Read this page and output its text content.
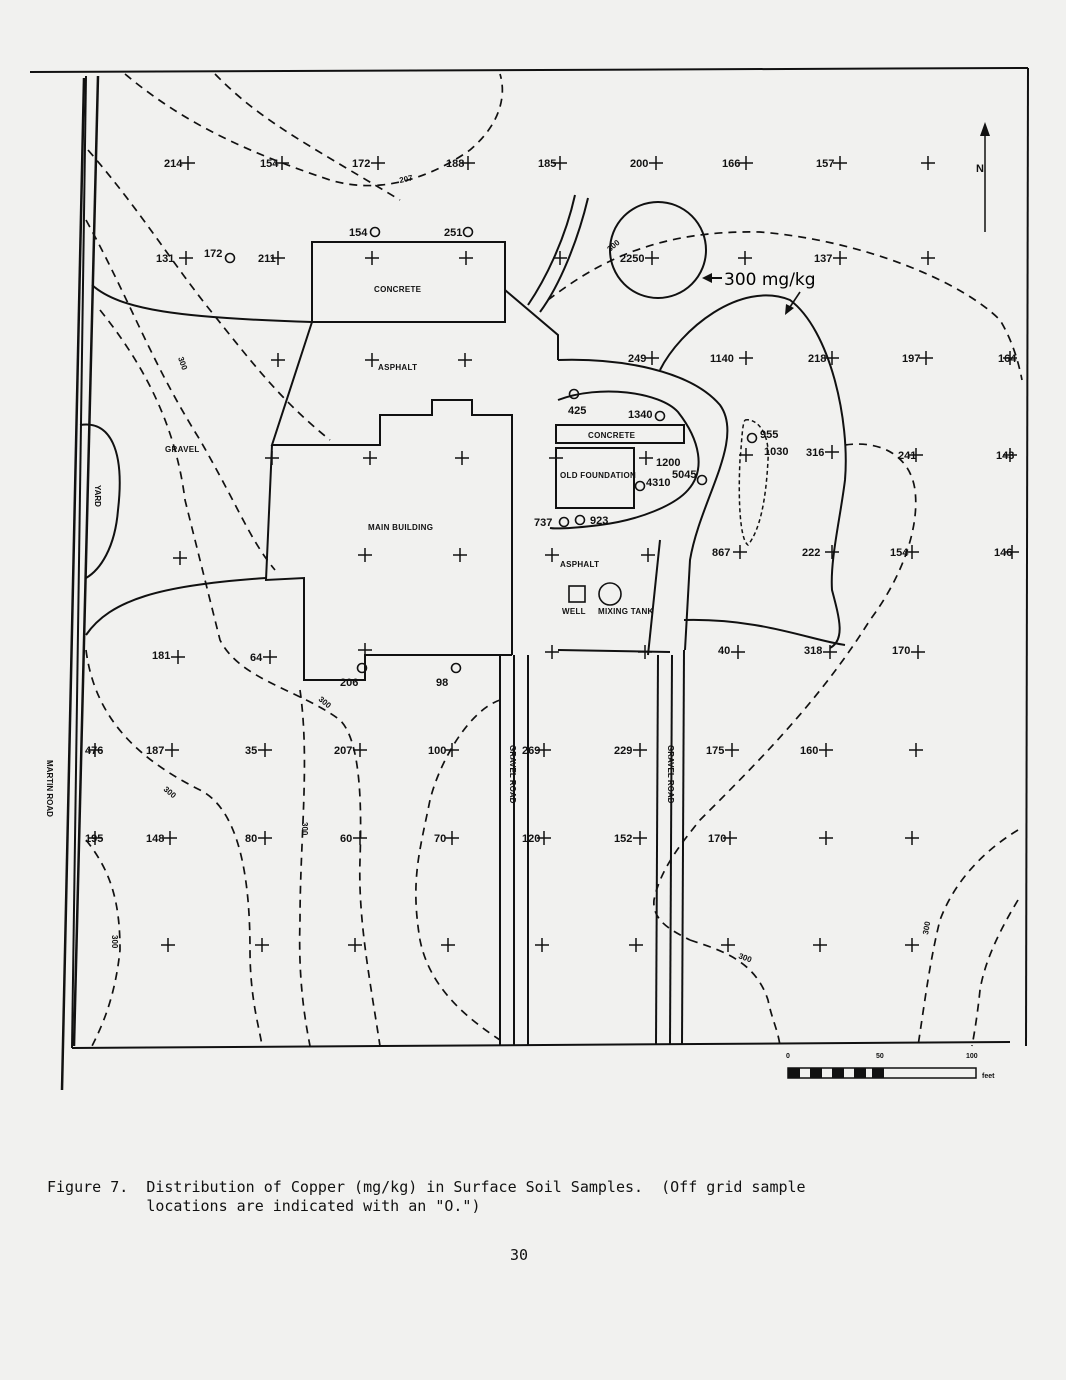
MARTIN ROAD
207
300
300
300
300
300
300
300
300
300 mg/kg
N
CONCRETE
ASPHALT
GRAVEL
YARD
MAIN BUILDING
CONCRETE
OLD FOUNDATION
ASPHALT
WELL MIXING TANK
GRAVEL ROAD	GRAVEL ROAD
214	154	172	188	185	200	166	157
154	251
131	172	211	2250	137
249	1140	218	197	164
425	1340
955
1030 316	241	143
1200
4310
5045
737	923
867	222	154	146
181	64
206	98
40	318	170
476	187	35	207	100	269	229	175	160
195	148	80	60	70	120	152	170
0	50	100
feet
Figure 7. Distribution of Copper (mg/kg) in Surface Soil Samples.  (Off grid sample
locations are indicated with an "O.")
30
